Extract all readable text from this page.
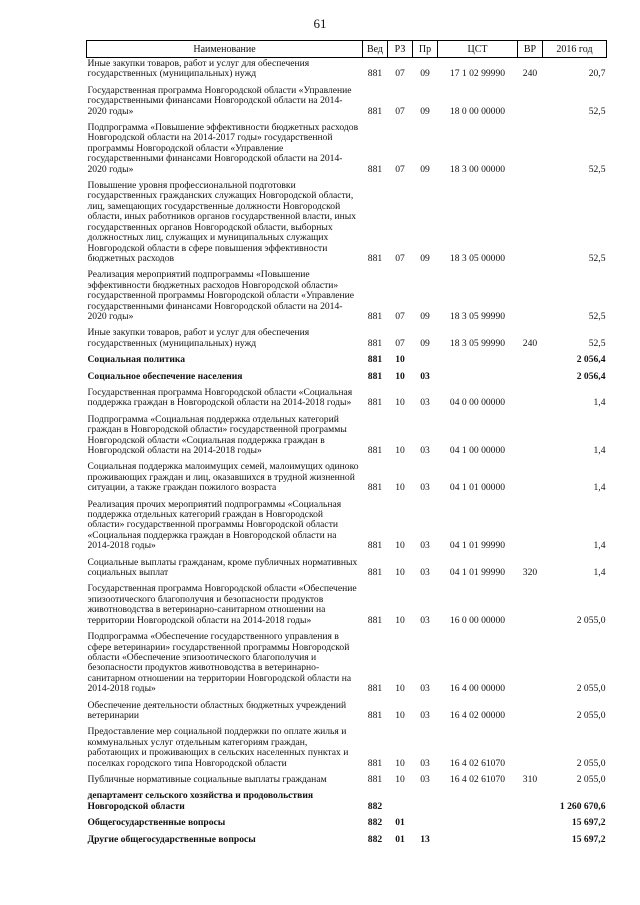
61
Наименование	Вед	РЗ	Пр	ЦСТ	ВР	2016 год
Иные закупки товаров, работ и услуг для обеспечения государственных (муниципальных) нужд	881	07	09	17 1 02 99990	240	20,7
Государственная программа Новгородской области «Управление государственными финансами Новгородской области на 2014-2020 годы»	881	07	09	18 0 00 00000		52,5
Подпрограмма «Повышение эффективности бюджетных расходов Новгородской области на 2014-2017 годы» государственной программы Новгородской области «Управление государственными финансами Новгородской области на 2014-2020 годы»	881	07	09	18 3 00 00000		52,5
Повышение уровня профессиональной подготовки государственных гражданских служащих Новгородской области, лиц, замещающих государственные должности Новгородской области, иных работников органов государственной власти, иных государственных органов Новгородской области, выборных должностных лиц, служащих и муниципальных служащих Новгородской области в сфере повышения эффективности бюджетных расходов	881	07	09	18 3 05 00000		52,5
Реализация мероприятий подпрограммы «Повышение эффективности бюджетных расходов Новгородской области» государственной программы Новгородской области «Управление государственными финансами Новгородской области на 2014-2020 годы»	881	07	09	18 3 05 99990		52,5
Иные закупки товаров, работ и услуг для обеспечения государственных (муниципальных) нужд	881	07	09	18 3 05 99990	240	52,5
Социальная политика	881	10				2 056,4
Социальное обеспечение населения	881	10	03			2 056,4
Государственная программа Новгородской области «Социальная поддержка граждан в Новгородской области на 2014-2018 годы»	881	10	03	04 0 00 00000		1,4
Подпрограмма «Социальная поддержка отдельных категорий граждан в Новгородской области» государственной программы Новгородской области «Социальная поддержка граждан в Новгородской области на 2014-2018 годы»	881	10	03	04 1 00 00000		1,4
Социальная поддержка малоимущих семей, малоимущих одиноко проживающих граждан и лиц, оказавшихся в трудной жизненной ситуации, а также граждан пожилого возраста	881	10	03	04 1 01 00000		1,4
Реализация прочих мероприятий подпрограммы «Социальная поддержка отдельных категорий граждан в Новгородской области» государственной программы Новгородской области «Социальная поддержка граждан в Новгородской области на 2014-2018 годы»	881	10	03	04 1 01 99990		1,4
Социальные выплаты гражданам, кроме публичных нормативных социальных выплат	881	10	03	04 1 01 99990	320	1,4
Государственная программа Новгородской области «Обеспечение эпизоотического благополучия и безопасности продуктов животноводства в ветеринарно-санитарном отношении на территории Новгородской области на 2014-2018 годы»	881	10	03	16 0 00 00000		2 055,0
Подпрограмма «Обеспечение государственного управления в сфере ветеринарии» государственной программы Новгородской области «Обеспечение эпизоотического благополучия и безопасности продуктов животноводства в ветеринарно-санитарном отношении на территории Новгородской области на 2014-2018 годы»	881	10	03	16 4 00 00000		2 055,0
Обеспечение деятельности областных бюджетных учреждений ветеринарии	881	10	03	16 4 02 00000		2 055,0
Предоставление мер социальной поддержки по оплате жилья и коммунальных услуг отдельным категориям граждан, работающих и проживающих в сельских населенных пунктах и поселках городского типа Новгородской области	881	10	03	16 4 02 61070		2 055,0
Публичные нормативные социальные выплаты гражданам	881	10	03	16 4 02 61070	310	2 055,0
департамент сельского хозяйства и продовольствия Новгородской области	882					1 260 670,6
Общегосударственные вопросы	882	01				15 697,2
Другие общегосударственные вопросы	882	01	13			15 697,2
